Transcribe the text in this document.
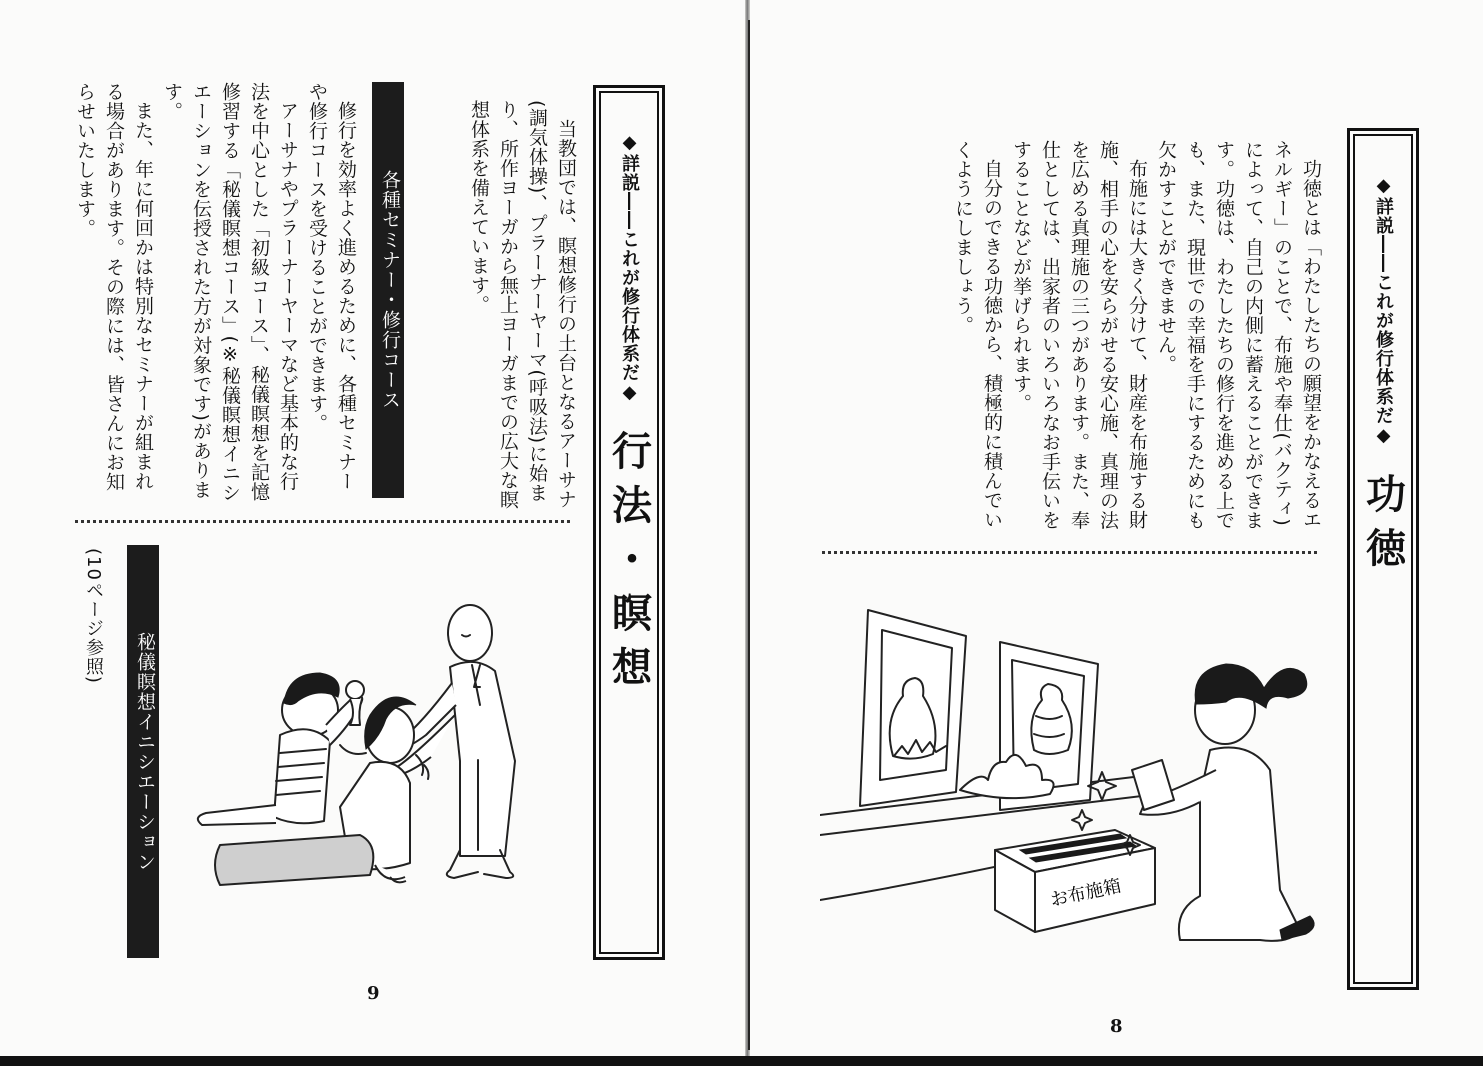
◆詳説――これが修行体系だ◆
行法・瞑想

当教団では、瞑想修行の土台となるアーサナ(調気体操)、プラーナーヤーマ(呼吸法)に始まり、所作ヨーガから無上ヨーガまでの広大な瞑想体系を備えています。

各種セミナー・修行コース

修行を効率よく進めるために、各種セミナーや修行コースを受けることができます。

アーサナやプラーナーヤーマなど基本的な行法を中心とした「初級コース」、秘儀瞑想を記憶修習する「秘儀瞑想コース」(※秘儀瞑想イニシエーションを伝授された方が対象です)があります。

また、年に何回かは特別なセミナーが組まれる場合があります。その際には、皆さんにお知らせいたします。

秘儀瞑想イニシエーション
(10ページ参照)
9
◆詳説――これが修行体系だ◆
功徳

功徳とは「わたしたちの願望をかなえるエネルギー」のことで、布施や奉仕(バクティ)によって、自己の内側に蓄えることができます。功徳は、わたしたちの修行を進める上でも、また、現世での幸福を手にするためにも欠かすことができません。

布施には大きく分けて、財産を布施する財施、相手の心を安らがせる安心施、真理の法を広める真理施の三つがあります。また、奉仕としては、出家者のいろいろなお手伝いをすることなどが挙げられます。

自分のできる功徳から、積極的に積んでいくようにしましょう。

お布施箱
8
